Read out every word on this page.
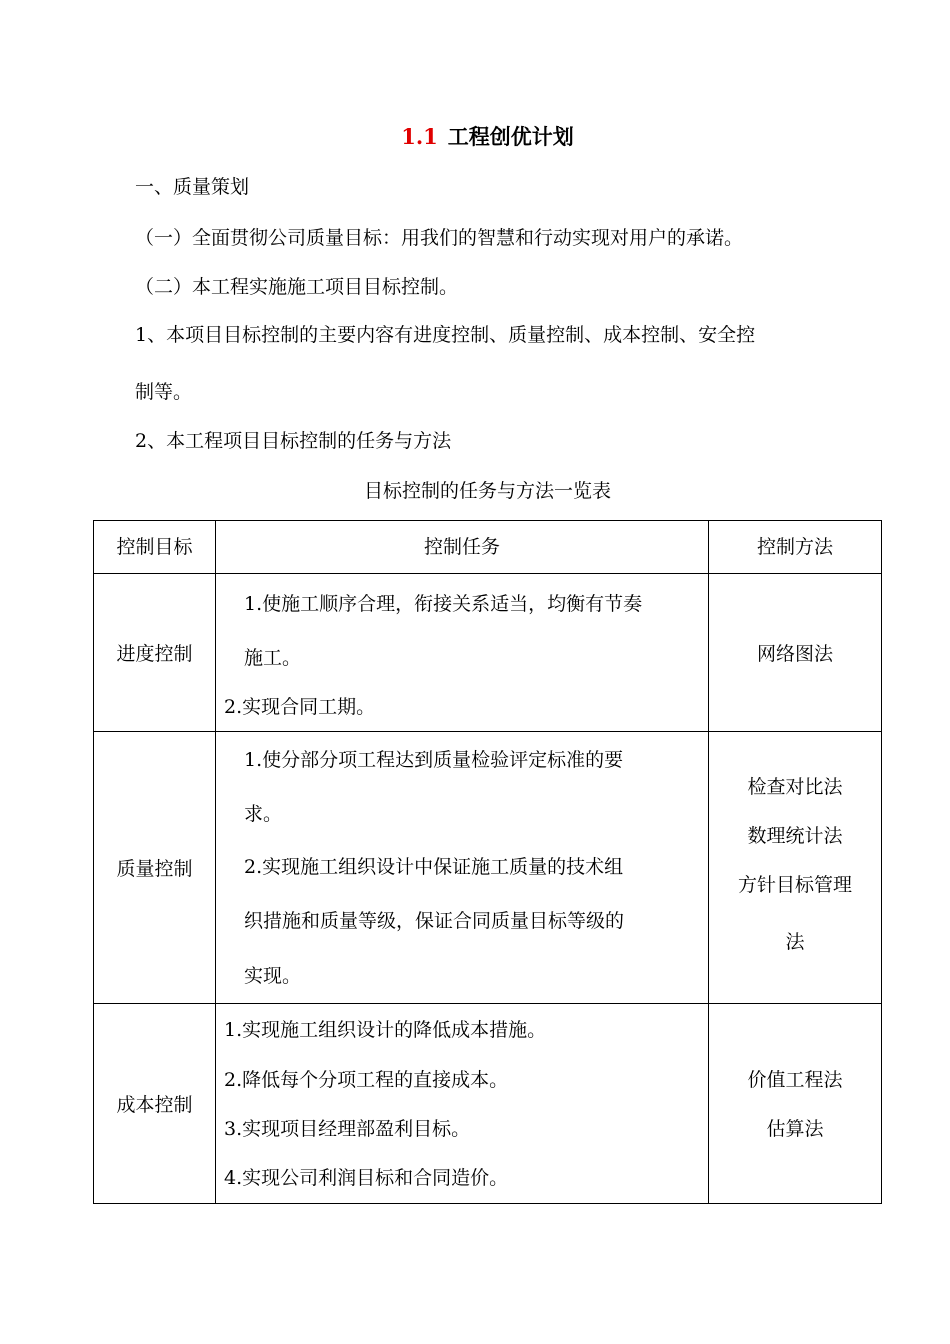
1.1 工程创优计划
一、质量策划
（一）全面贯彻公司质量目标：用我们的智慧和行动实现对用户的承诺。
（二）本工程实施施工项目目标控制。
1、本项目目标控制的主要内容有进度控制、质量控制、成本控制、安全控
制等。
2、本工程项目目标控制的任务与方法
目标控制的任务与方法一览表
控制目标	控制任务	控制方法
进度控制	1.使施工顺序合理，衔接关系适当，均衡有节奏
施工。
2.实现合同工期。	网络图法

质量控制	1.使分部分项工程达到质量检验评定标准的要
求。
2.实现施工组织设计中保证施工质量的技术组
织措施和质量等级，保证合同质量目标等级的
实现。	检查对比法
数理统计法
方针目标管理
法

成本控制	1.实现施工组织设计的降低成本措施。
2.降低每个分项工程的直接成本。
3.实现项目经理部盈利目标。
4.实现公司利润目标和合同造价。	价值工程法
估算法
